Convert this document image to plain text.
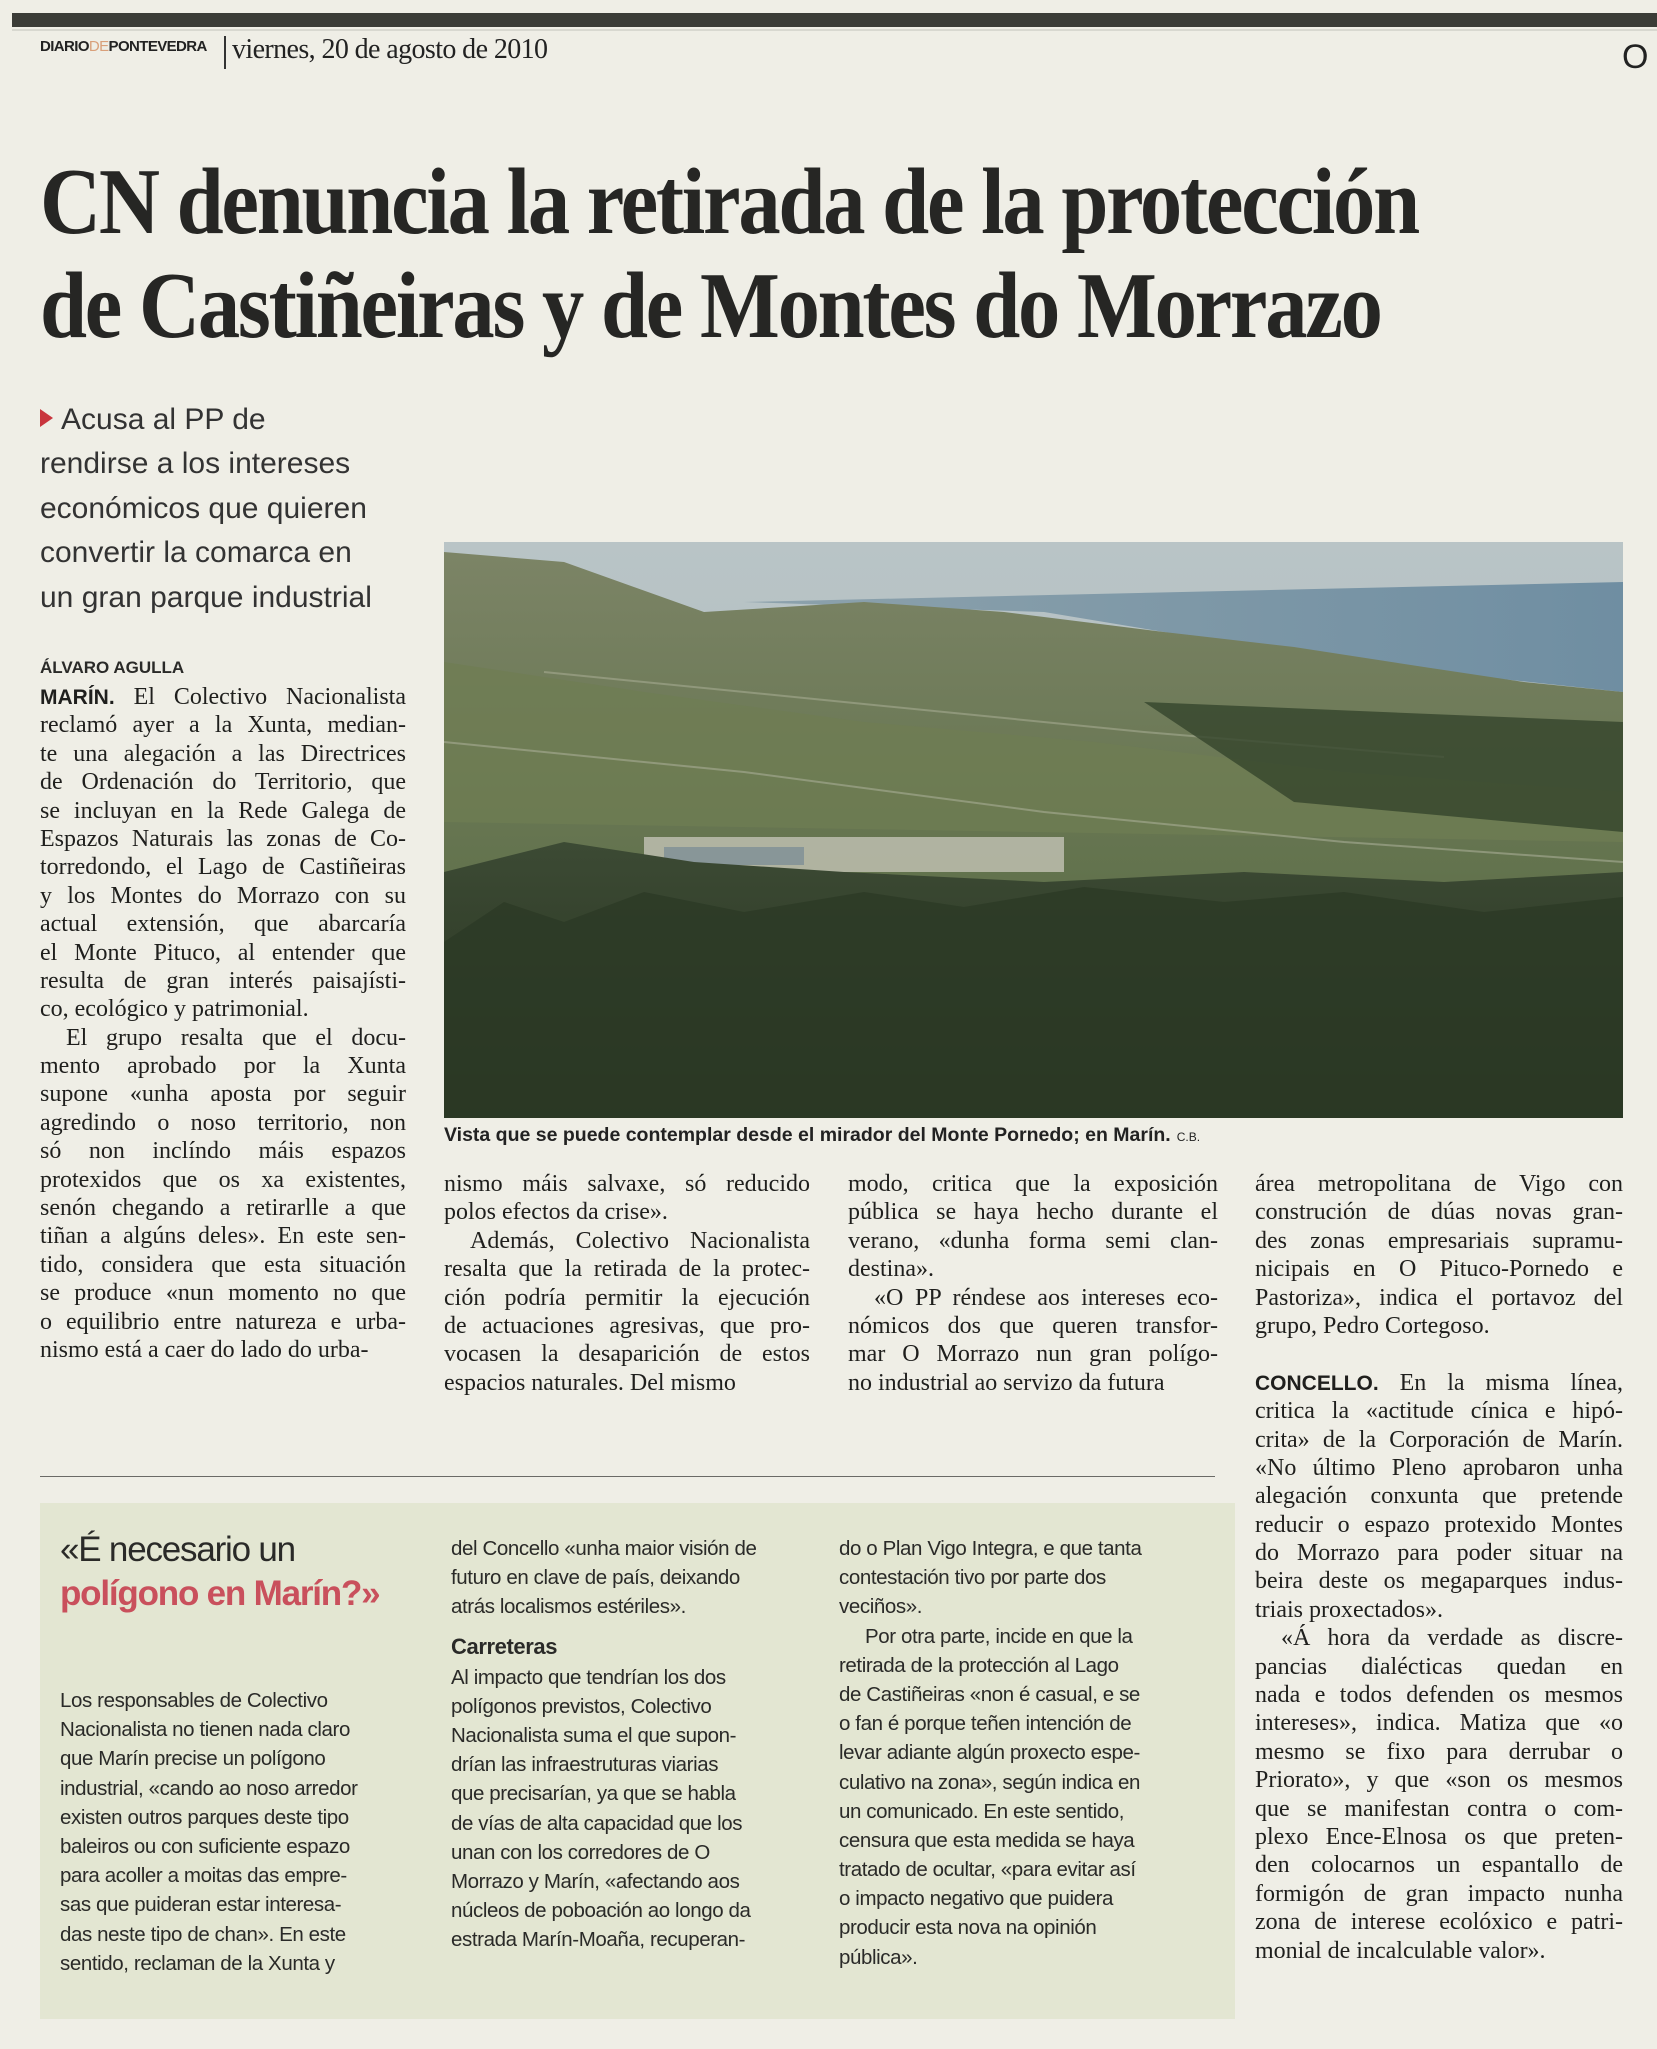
DIARIODEPONTEVEDRA viernes, 20 de agosto de 2010	O
CN denuncia la retirada de la protección
de Castiñeiras y de Montes do Morrazo
Acusa al PP de
rendirse a los intereses
económicos que quieren
convertir la comarca en
un gran parque industrial
ÁLVARO AGULLA
MARÍN. El Colectivo Nacionalista
reclamó ayer a la Xunta, median-
te una alegación a las Directrices
de Ordenación do Territorio, que
se incluyan en la Rede Galega de
Espazos Naturais las zonas de Co-
torredondo, el Lago de Castiñeiras
y los Montes do Morrazo con su
actual extensión, que abarcaría
el Monte Pituco, al entender que
resulta de gran interés paisajísti-
co, ecológico y patrimonial.
El grupo resalta que el docu-
mento aprobado por la Xunta
supone «unha aposta por seguir
agredindo o noso territorio, non
só non inclíndo máis espazos
protexidos que os xa existentes,
senón chegando a retirarlle a que
tiñan a algúns deles». En este sen-
tido, considera que esta situación
se produce «nun momento no que
o equilibrio entre natureza e urba-
nismo está a caer do lado do urba-
nismo máis salvaxe, só reducido
polos efectos da crise».
Además, Colectivo Nacionalista
resalta que la retirada de la protec-
ción podría permitir la ejecución
de actuaciones agresivas, que pro-
vocasen la desaparición de estos
espacios naturales. Del mismo
modo, critica que la exposición
pública se haya hecho durante el
verano, «dunha forma semi clan-
destina».
«O PP réndese aos intereses eco-
nómicos dos que queren transfor-
mar O Morrazo nun gran polígo-
no industrial ao servizo da futura
área metropolitana de Vigo con
construción de dúas novas gran-
des zonas empresariais supramu-
nicipais en O Pituco-Pornedo e
Pastoriza», indica el portavoz del
grupo, Pedro Cortegoso.
CONCELLO. En la misma línea,
critica la «actitude cínica e hipó-
crita» de la Corporación de Marín.
«No último Pleno aprobaron unha
alegación conxunta que pretende
reducir o espazo protexido Montes
do Morrazo para poder situar na
beira deste os megaparques indus-
triais proxectados».
«Á hora da verdade as discre-
pancias dialécticas quedan en
nada e todos defenden os mesmos
intereses», indica. Matiza que «o
mesmo se fixo para derrubar o
Priorato», y que «son os mesmos
que se manifestan contra o com-
plexo Ence-Elnosa os que preten-
den colocarnos un espantallo de
formigón de gran impacto nunha
zona de interese ecolóxico e patri-
monial de incalculable valor».
Vista que se puede contemplar desde el mirador del Monte Pornedo; en Marín. C.B.
«É necesario un
polígono en Marín?»
Los responsables de Colectivo
Nacionalista no tienen nada claro
que Marín precise un polígono
industrial, «cando ao noso arredor
existen outros parques deste tipo
baleiros ou con suficiente espazo
para acoller a moitas das empre-
sas que puideran estar interesa-
das neste tipo de chan». En este
sentido, reclaman de la Xunta y
del Concello «unha maior visión de
futuro en clave de país, deixando
atrás localismos estériles».
Carreteras
Al impacto que tendrían los dos
polígonos previstos, Colectivo
Nacionalista suma el que supon-
drían las infraestruturas viarias
que precisarían, ya que se habla
de vías de alta capacidad que los
unan con los corredores de O
Morrazo y Marín, «afectando aos
núcleos de poboación ao longo da
estrada Marín-Moaña, recuperan-
do o Plan Vigo Integra, e que tanta
contestación tivo por parte dos
veciños».
Por otra parte, incide en que la
retirada de la protección al Lago
de Castiñeiras «non é casual, e se
o fan é porque teñen intención de
levar adiante algún proxecto espe-
culativo na zona», según indica en
un comunicado. En este sentido,
censura que esta medida se haya
tratado de ocultar, «para evitar así
o impacto negativo que puidera
producir esta nova na opinión
pública».
